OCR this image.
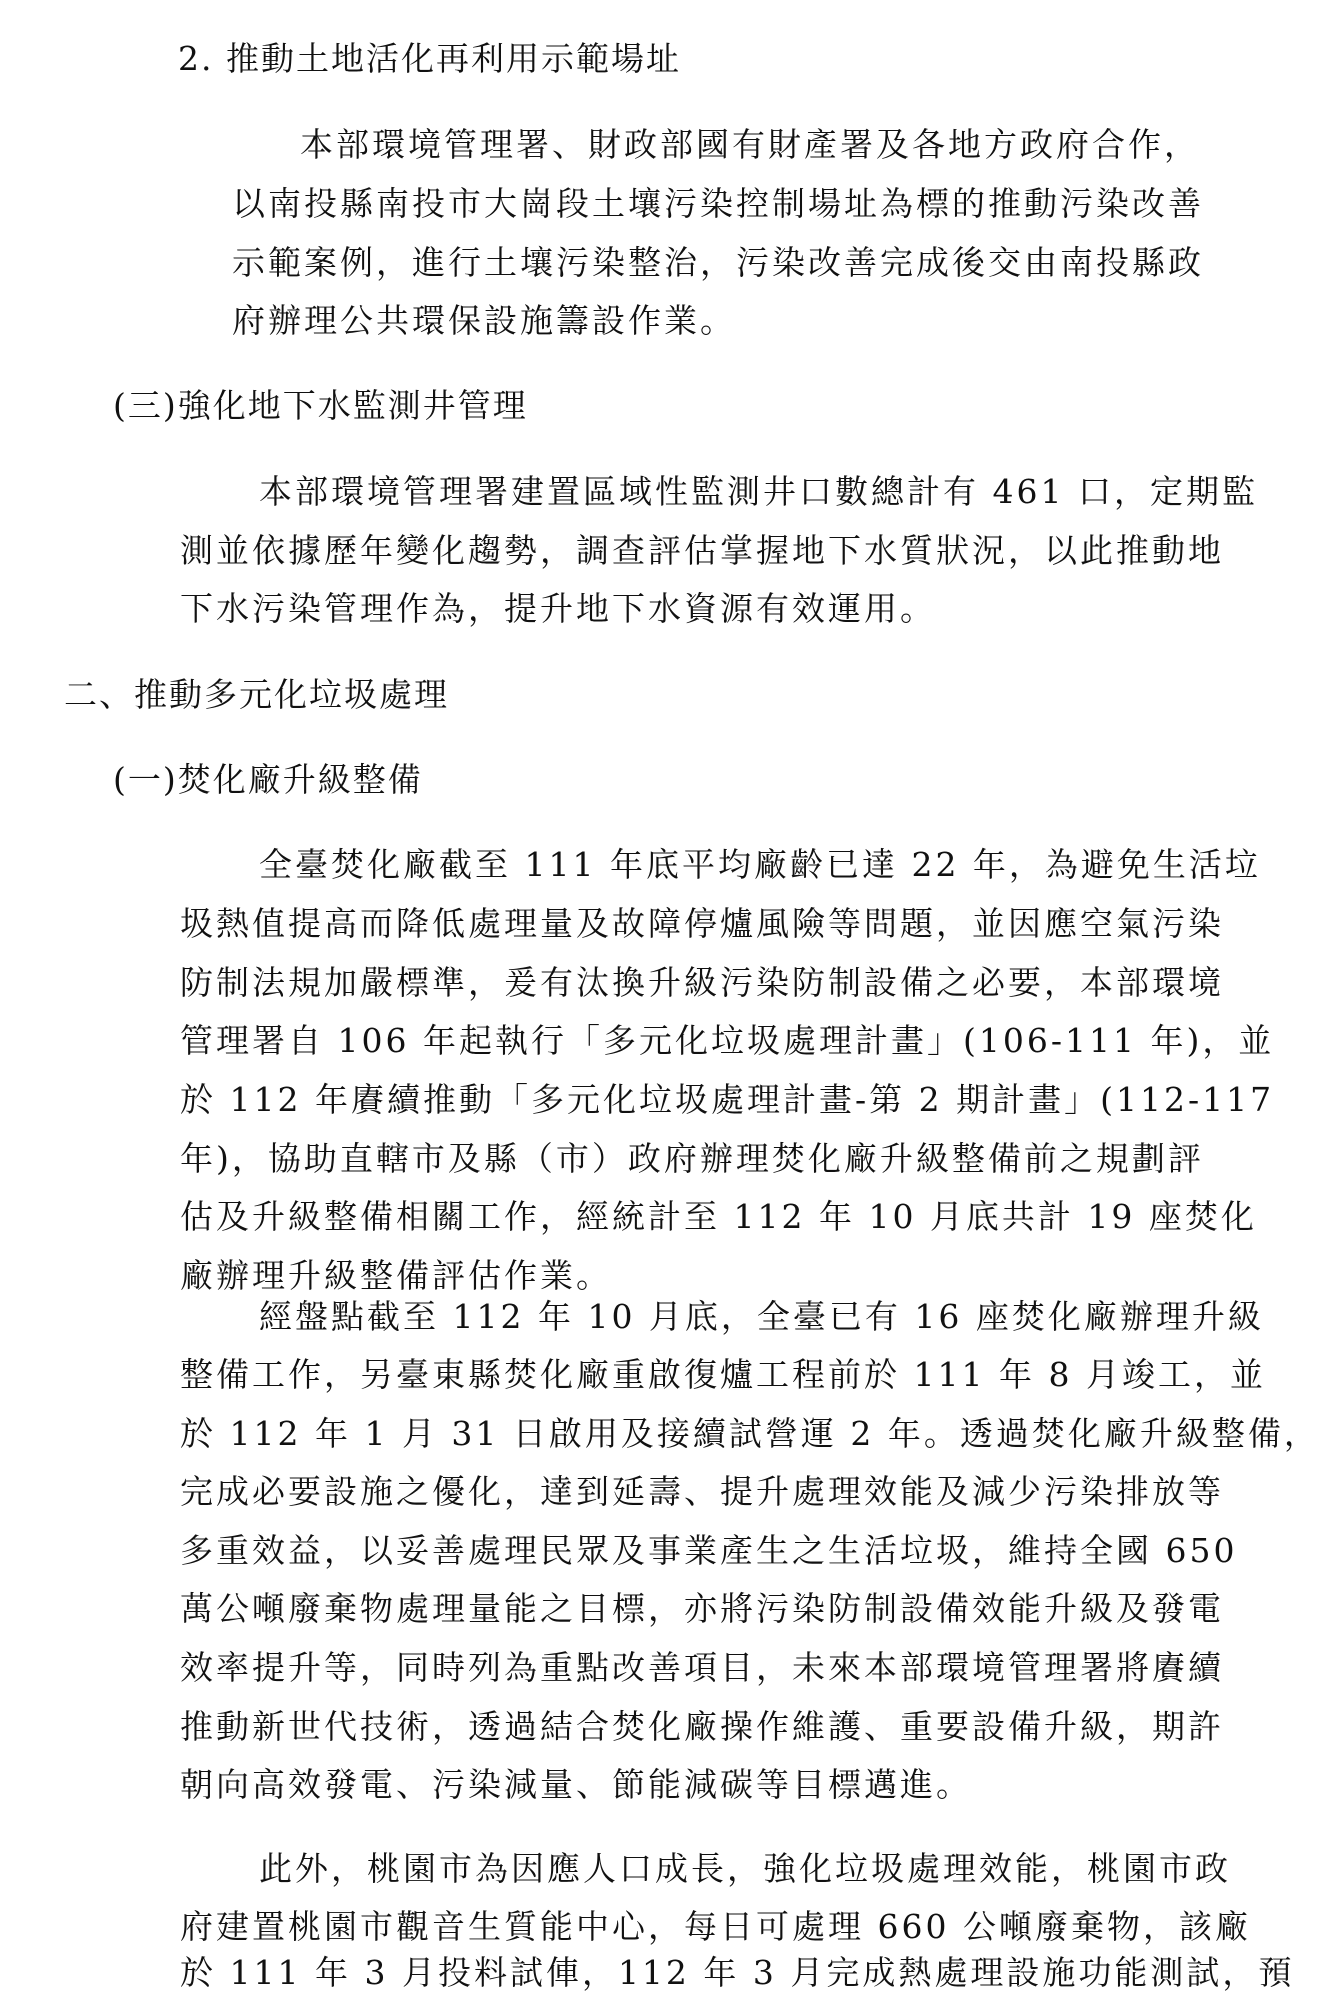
2. 推動土地活化再利用示範場址
本部環境管理署、財政部國有財產署及各地方政府合作，
以南投縣南投市大崗段土壤污染控制場址為標的推動污染改善
示範案例，進行土壤污染整治，污染改善完成後交由南投縣政
府辦理公共環保設施籌設作業。
(三)強化地下水監測井管理
本部環境管理署建置區域性監測井口數總計有 461 口，定期監
測並依據歷年變化趨勢，調查評估掌握地下水質狀況，以此推動地
下水污染管理作為，提升地下水資源有效運用。
二、推動多元化垃圾處理
(一)焚化廠升級整備
全臺焚化廠截至 111 年底平均廠齡已達 22 年，為避免生活垃
圾熱值提高而降低處理量及故障停爐風險等問題，並因應空氣污染
防制法規加嚴標準，爰有汰換升級污染防制設備之必要，本部環境
管理署自 106 年起執行「多元化垃圾處理計畫」(106-111 年)，並
於 112 年賡續推動「多元化垃圾處理計畫-第 2 期計畫」(112-117
年)，協助直轄市及縣（市）政府辦理焚化廠升級整備前之規劃評
估及升級整備相關工作，經統計至 112 年 10 月底共計 19 座焚化
廠辦理升級整備評估作業。
經盤點截至 112 年 10 月底，全臺已有 16 座焚化廠辦理升級
整備工作，另臺東縣焚化廠重啟復爐工程前於 111 年 8 月竣工，並
於 112 年 1 月 31 日啟用及接續試營運 2 年。透過焚化廠升級整備，
完成必要設施之優化，達到延壽、提升處理效能及減少污染排放等
多重效益，以妥善處理民眾及事業產生之生活垃圾，維持全國 650
萬公噸廢棄物處理量能之目標，亦將污染防制設備效能升級及發電
效率提升等，同時列為重點改善項目，未來本部環境管理署將賡續
推動新世代技術，透過結合焚化廠操作維護、重要設備升級，期許
朝向高效發電、污染減量、節能減碳等目標邁進。
此外，桃園市為因應人口成長，強化垃圾處理效能，桃園市政
府建置桃園市觀音生質能中心，每日可處理 660 公噸廢棄物，該廠
於 111 年 3 月投料試俥，112 年 3 月完成熱處理設施功能測試，預
